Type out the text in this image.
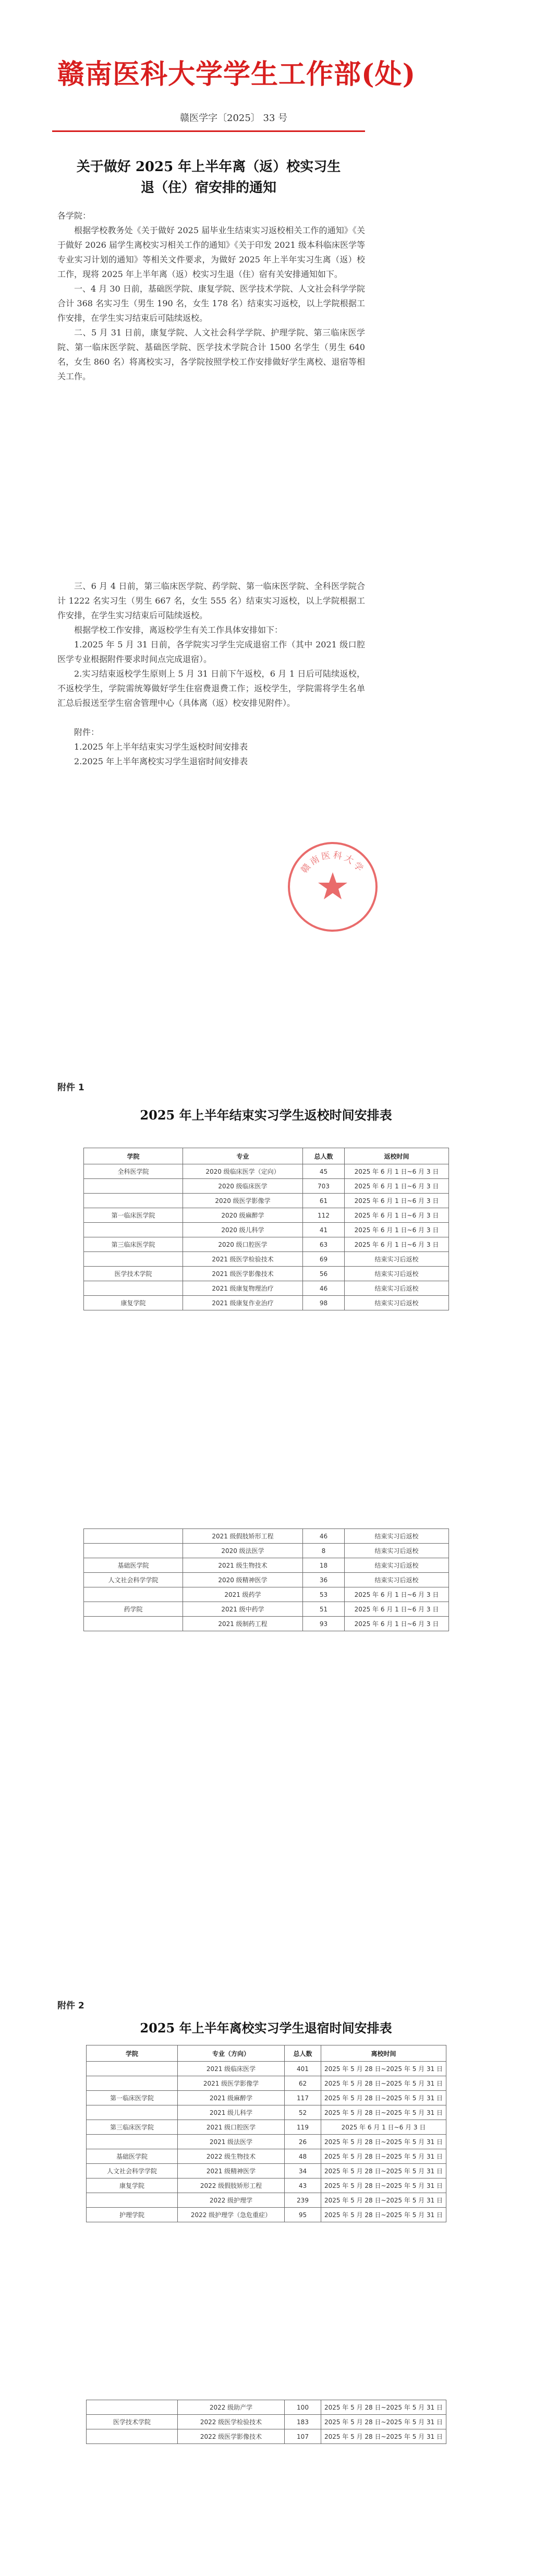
赣南医科大学学生工作部(处)
赣医学字〔2025〕 33 号
关于做好 2025 年上半年离（返）校实习生
退（住）宿安排的通知

各学院：

根据学校教务处《关于做好 2025 届毕业生结束实习返校相关工作的通知》《关于做好 2026 届学生离校实习相关工作的通知》《关于印发 2021 级本科临床医学等专业实习计划的通知》等相关文件要求，为做好 2025 年上半年实习生离（返）校工作，现将 2025 年上半年离（返）校实习生退（住）宿有关安排通知如下。

一、4 月 30 日前，基础医学院、康复学院、医学技术学院、人文社会科学学院合计 368 名实习生（男生 190 名，女生 178 名）结束实习返校，以上学院根据工作安排，在学生实习结束后可陆续返校。

二、5 月 31 日前，康复学院、人文社会科学学院、护理学院、第三临床医学院、第一临床医学院、基础医学院、医学技术学院合计 1500 名学生（男生 640 名，女生 860 名）将离校实习，各学院按照学校工作安排做好学生离校、退宿等相关工作。

三、6 月 4 日前，第三临床医学院、药学院、第一临床医学院、全科医学院合计 1222 名实习生（男生 667 名，女生 555 名）结束实习返校，以上学院根据工作安排，在学生实习结束后可陆续返校。

根据学校工作安排，离返校学生有关工作具体安排如下：

1.2025 年 5 月 31 日前，各学院实习学生完成退宿工作（其中 2021 级口腔医学专业根据附件要求时间点完成退宿）。

2.实习结束返校学生原则上 5 月 31 日前下午返校，6 月 1 日后可陆续返校，不返校学生，学院需统筹做好学生住宿费退费工作；返校学生，学院需将学生名单汇总后报送至学生宿舍管理中心（具体离（返）校安排见附件）。

附件：

1.2025 年上半年结束实习学生返校时间安排表

2.2025 年上半年离校实习学生退宿时间安排表

赣南医科大学
附件 1
2025 年上半年结束实习学生返校时间安排表
学院	专业	总人数	返校时间
全科医学院	2020 级临床医学（定向）	45	2025 年 6 月 1 日~6 月 3 日
	2020 级临床医学	703	2025 年 6 月 1 日~6 月 3 日
	2020 级医学影像学	61	2025 年 6 月 1 日~6 月 3 日
第一临床医学院	2020 级麻醉学	112	2025 年 6 月 1 日~6 月 3 日
	2020 级儿科学	41	2025 年 6 月 1 日~6 月 3 日
第三临床医学院	2020 级口腔医学	63	2025 年 6 月 1 日~6 月 3 日
	2021 级医学检验技术	69	结束实习后返校
医学技术学院	2021 级医学影像技术	56	结束实习后返校
	2021 级康复物理治疗	46	结束实习后返校
康复学院	2021 级康复作业治疗	98	结束实习后返校
	2021 级假肢矫形工程	46	结束实习后返校
	2020 级法医学	8	结束实习后返校
基础医学院	2021 级生物技术	18	结束实习后返校
人文社会科学学院	2020 级精神医学	36	结束实习后返校
	2021 级药学	53	2025 年 6 月 1 日~6 月 3 日
药学院	2021 级中药学	51	2025 年 6 月 1 日~6 月 3 日
	2021 级制药工程	93	2025 年 6 月 1 日~6 月 3 日
附件 2
2025 年上半年离校实习学生退宿时间安排表
学院	专业（方向）	总人数	离校时间
	2021 级临床医学	401	2025 年 5 月 28 日~2025 年 5 月 31 日
	2021 级医学影像学	62	2025 年 5 月 28 日~2025 年 5 月 31 日
第一临床医学院	2021 级麻醉学	117	2025 年 5 月 28 日~2025 年 5 月 31 日
	2021 级儿科学	52	2025 年 5 月 28 日~2025 年 5 月 31 日
第三临床医学院	2021 级口腔医学	119	2025 年 6 月 1 日~6 月 3 日
	2021 级法医学	26	2025 年 5 月 28 日~2025 年 5 月 31 日
基础医学院	2022 级生物技术	48	2025 年 5 月 28 日~2025 年 5 月 31 日
人文社会科学学院	2021 级精神医学	34	2025 年 5 月 28 日~2025 年 5 月 31 日
康复学院	2022 级假肢矫形工程	43	2025 年 5 月 28 日~2025 年 5 月 31 日
	2022 级护理学	239	2025 年 5 月 28 日~2025 年 5 月 31 日
护理学院	2022 级护理学（急危重症）	95	2025 年 5 月 28 日~2025 年 5 月 31 日
	2022 级助产学	100	2025 年 5 月 28 日~2025 年 5 月 31 日
医学技术学院	2022 级医学检验技术	183	2025 年 5 月 28 日~2025 年 5 月 31 日
	2022 级医学影像技术	107	2025 年 5 月 28 日~2025 年 5 月 31 日
